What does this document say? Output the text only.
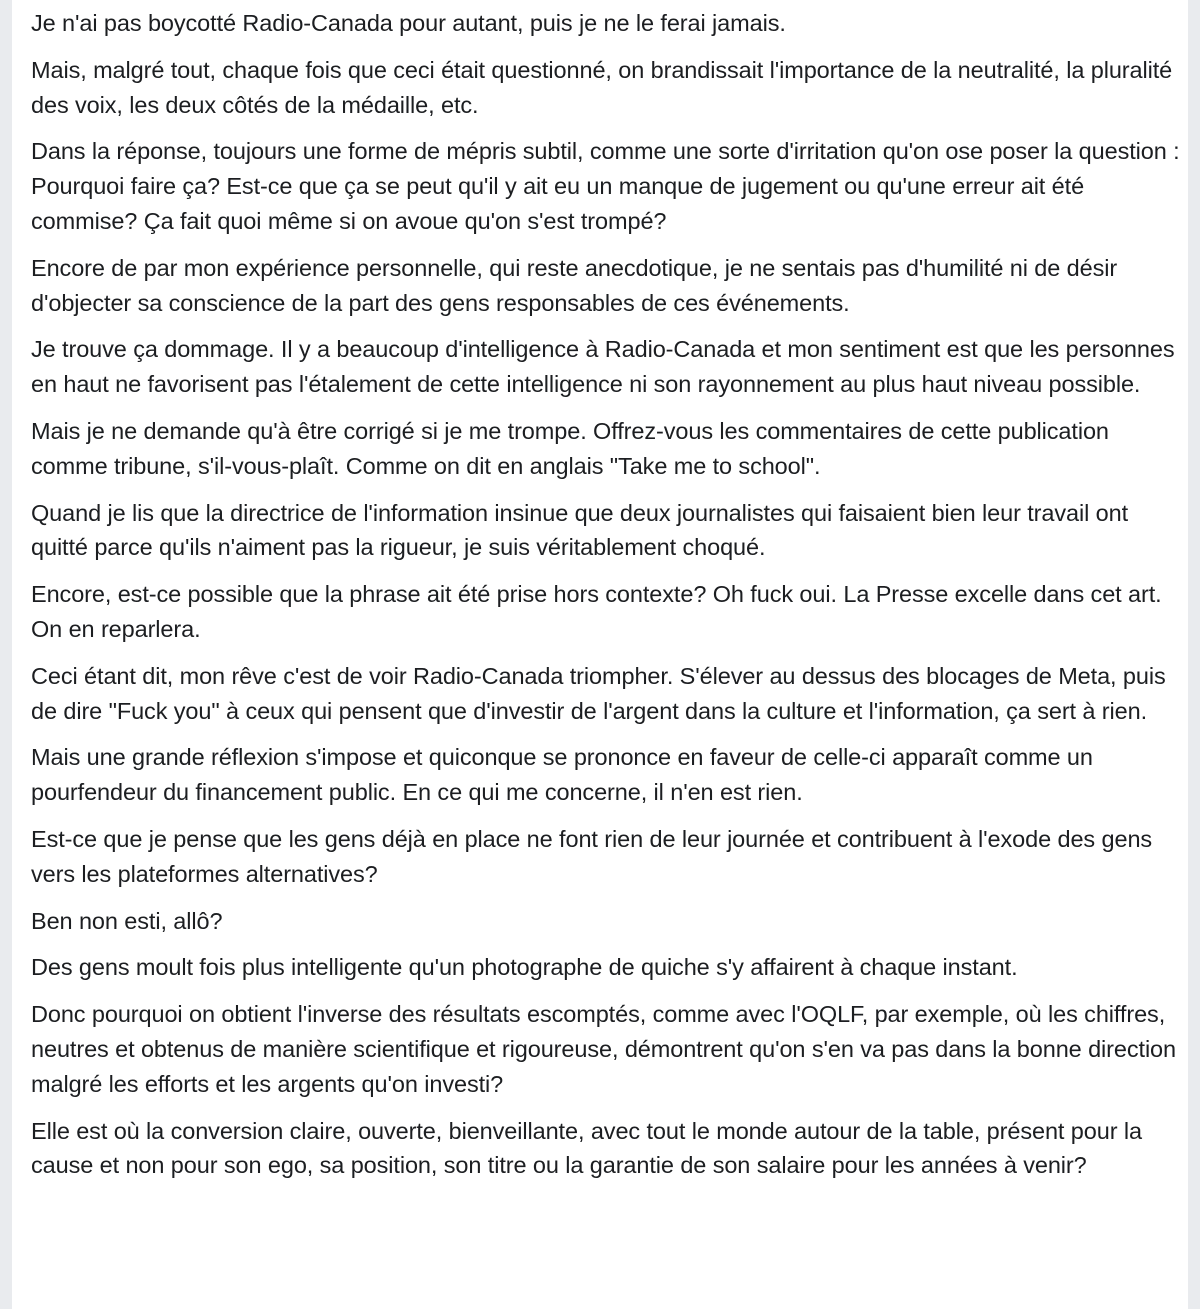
Je n'ai pas boycotté Radio-Canada pour autant, puis je ne le ferai jamais.

Mais, malgré tout, chaque fois que ceci était questionné, on brandissait l'importance de la neutralité, la pluralité des voix, les deux côtés de la médaille, etc.

Dans la réponse, toujours une forme de mépris subtil, comme une sorte d'irritation qu'on ose poser la question : Pourquoi faire ça? Est-ce que ça se peut qu'il y ait eu un manque de jugement ou qu'une erreur ait été commise? Ça fait quoi même si on avoue qu'on s'est trompé?

Encore de par mon expérience personnelle, qui reste anecdotique, je ne sentais pas d'humilité ni de désir d'objecter sa conscience de la part des gens responsables de ces événements.

Je trouve ça dommage. Il y a beaucoup d'intelligence à Radio-Canada et mon sentiment est que les personnes en haut ne favorisent pas l'étalement de cette intelligence ni son rayonnement au plus haut niveau possible.

Mais je ne demande qu'à être corrigé si je me trompe. Offrez-vous les commentaires de cette publication comme tribune, s'il-vous-plaît. Comme on dit en anglais "Take me to school".

Quand je lis que la directrice de l'information insinue que deux journalistes qui faisaient bien leur travail ont quitté parce qu'ils n'aiment pas la rigueur, je suis véritablement choqué.

Encore, est-ce possible que la phrase ait été prise hors contexte? Oh fuck oui. La Presse excelle dans cet art. On en reparlera.

Ceci étant dit, mon rêve c'est de voir Radio-Canada triompher. S'élever au dessus des blocages de Meta, puis de dire "Fuck you" à ceux qui pensent que d'investir de l'argent dans la culture et l'information, ça sert à rien.

Mais une grande réflexion s'impose et quiconque se prononce en faveur de celle-ci apparaît comme un pourfendeur du financement public. En ce qui me concerne, il n'en est rien.

Est-ce que je pense que les gens déjà en place ne font rien de leur journée et contribuent à l'exode des gens vers les plateformes alternatives?

Ben non esti, allô?

Des gens moult fois plus intelligente qu'un photographe de quiche s'y affairent à chaque instant.

Donc pourquoi on obtient l'inverse des résultats escomptés, comme avec l'OQLF, par exemple, où les chiffres, neutres et obtenus de manière scientifique et rigoureuse, démontrent qu'on s'en va pas dans la bonne direction malgré les efforts et les argents qu'on investi?

Elle est où la conversion claire, ouverte, bienveillante, avec tout le monde autour de la table, présent pour la cause et non pour son ego, sa position, son titre ou la garantie de son salaire pour les années à venir?
